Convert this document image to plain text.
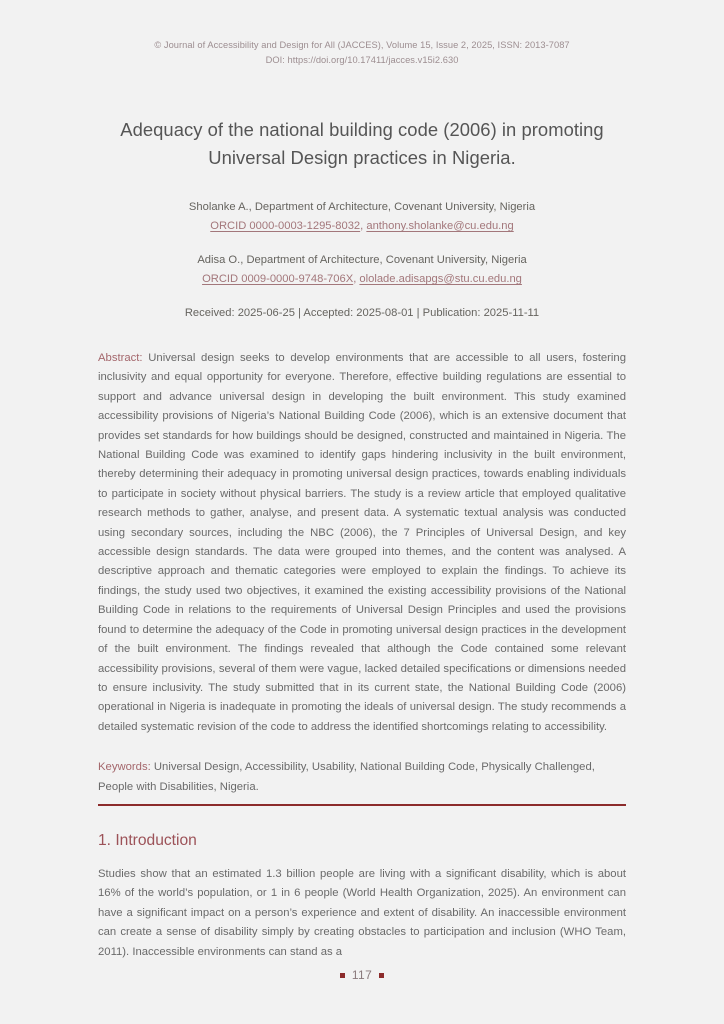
© Journal of Accessibility and Design for All (JACCES), Volume 15, Issue 2, 2025, ISSN: 2013-7087
DOI: https://doi.org/10.17411/jacces.v15i2.630
Adequacy of the national building code (2006) in promoting Universal Design practices in Nigeria.
Sholanke A., Department of Architecture, Covenant University, Nigeria
ORCID 0000-0003-1295-8032, anthony.sholanke@cu.edu.ng
Adisa O., Department of Architecture, Covenant University, Nigeria
ORCID 0009-0000-9748-706X, ololade.adisapgs@stu.cu.edu.ng
Received: 2025-06-25 | Accepted: 2025-08-01 | Publication: 2025-11-11
Abstract: Universal design seeks to develop environments that are accessible to all users, fostering inclusivity and equal opportunity for everyone. Therefore, effective building regulations are essential to support and advance universal design in developing the built environment. This study examined accessibility provisions of Nigeria’s National Building Code (2006), which is an extensive document that provides set standards for how buildings should be designed, constructed and maintained in Nigeria. The National Building Code was examined to identify gaps hindering inclusivity in the built environment, thereby determining their adequacy in promoting universal design practices, towards enabling individuals to participate in society without physical barriers. The study is a review article that employed qualitative research methods to gather, analyse, and present data. A systematic textual analysis was conducted using secondary sources, including the NBC (2006), the 7 Principles of Universal Design, and key accessible design standards. The data were grouped into themes, and the content was analysed. A descriptive approach and thematic categories were employed to explain the findings. To achieve its findings, the study used two objectives, it examined the existing accessibility provisions of the National Building Code in relations to the requirements of Universal Design Principles and used the provisions found to determine the adequacy of the Code in promoting universal design practices in the development of the built environment. The findings revealed that although the Code contained some relevant accessibility provisions, several of them were vague, lacked detailed specifications or dimensions needed to ensure inclusivity. The study submitted that in its current state, the National Building Code (2006) operational in Nigeria is inadequate in promoting the ideals of universal design. The study recommends a detailed systematic revision of the code to address the identified shortcomings relating to accessibility.
Keywords: Universal Design, Accessibility, Usability, National Building Code, Physically Challenged, People with Disabilities, Nigeria.
1. Introduction
Studies show that an estimated 1.3 billion people are living with a significant disability, which is about 16% of the world’s population, or 1 in 6 people (World Health Organization, 2025). An environment can have a significant impact on a person’s experience and extent of disability. An inaccessible environment can create a sense of disability simply by creating obstacles to participation and inclusion (WHO Team, 2011). Inaccessible environments can stand as a
117
